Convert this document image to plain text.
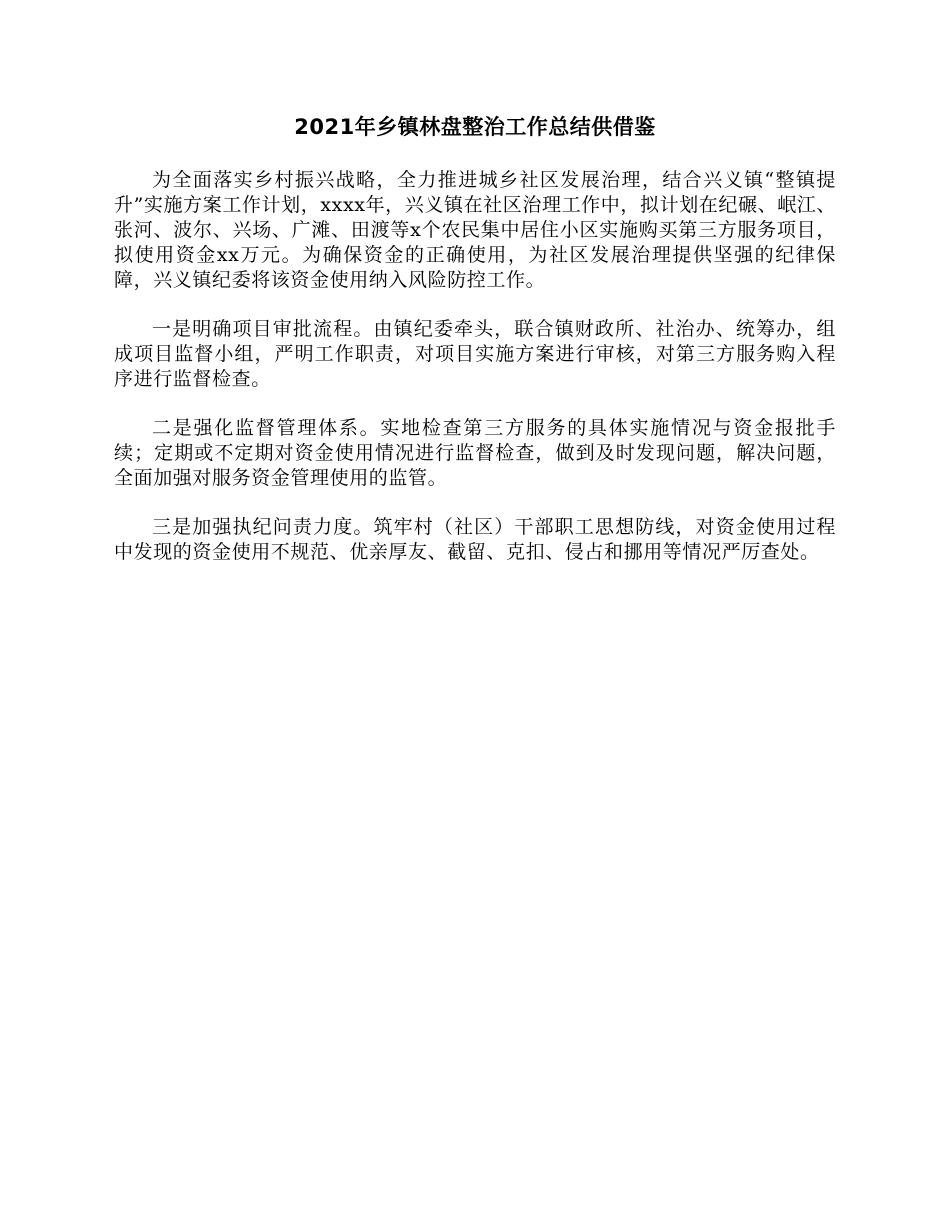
2021年乡镇林盘整治工作总结供借鉴

为全面落实乡村振兴战略，全力推进城乡社区发展治理，结合兴义镇“整镇提升”实施方案工作计划，xxxx年，兴义镇在社区治理工作中，拟计划在纪碾、岷江、张河、波尔、兴场、广滩、田渡等x个农民集中居住小区实施购买第三方服务项目，拟使用资金xx万元。为确保资金的正确使用，为社区发展治理提供坚强的纪律保障，兴义镇纪委将该资金使用纳入风险防控工作。

一是明确项目审批流程。由镇纪委牵头，联合镇财政所、社治办、统筹办，组成项目监督小组，严明工作职责，对项目实施方案进行审核，对第三方服务购入程序进行监督检查。

二是强化监督管理体系。实地检查第三方服务的具体实施情况与资金报批手续；定期或不定期对资金使用情况进行监督检查，做到及时发现问题，解决问题，全面加强对服务资金管理使用的监管。

三是加强执纪问责力度。筑牢村（社区）干部职工思想防线，对资金使用过程中发现的资金使用不规范、优亲厚友、截留、克扣、侵占和挪用等情况严厉查处。
